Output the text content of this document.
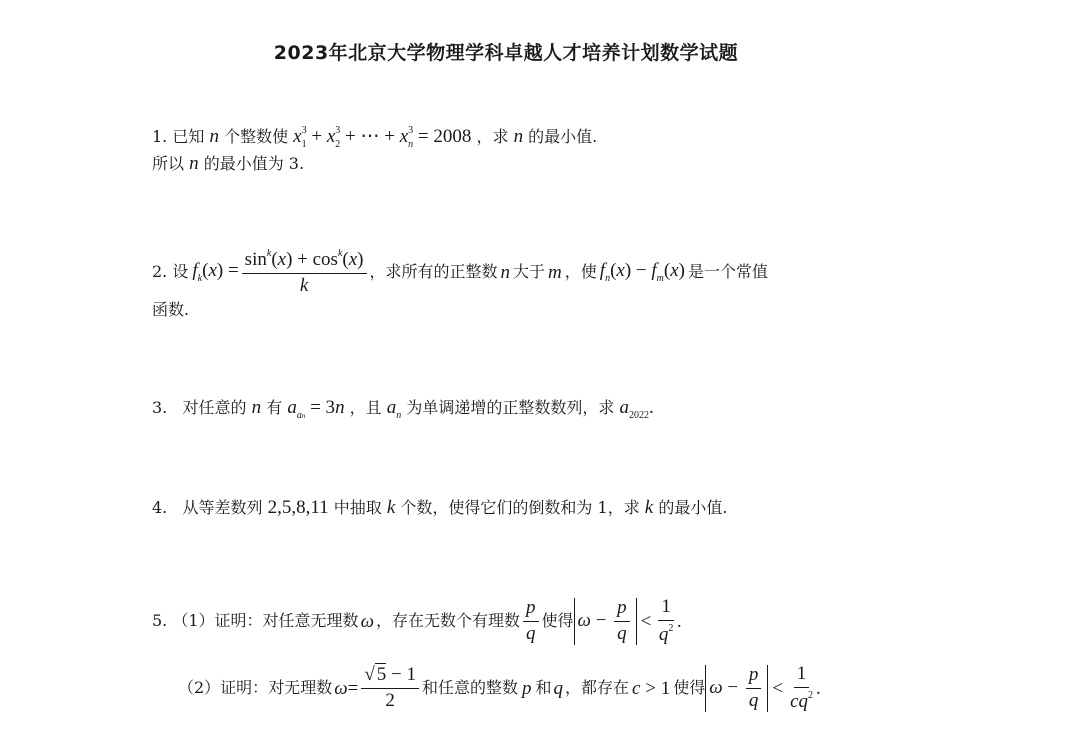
2023年北京大学物理学科卓越人才培养计划数学试题
1. 已知 n 个整数使 $x_1^3 + x_2^3$ + ⋯ + $x_n^3 = 2008$ ，求 n 的最小值.
所以 n 的最小值为 3.
2.
设 $f_k(x) = \frac{\sin^k(x) + \cos^k(x)}{k}$ ，求所有的正整数 n 大于 m ，使 $f_n(x) - f_m(x)$ 是一个常值
函数.
3. 对任意的 n 有 $a_{an} = 3n$ ，且 $a_n$ 为单调递增的正整数数列，求 $a_{2022}$.
4. 从等差数列 2,5,8,11 中抽取 k 个数，使得它们的倒数和为 1，求 k 的最小值.
5.
（1）证明： 对任意无理数 ω ，存在无数个有理数 $\frac{p}{q}$ 使得 $\omega - \frac{p}{q} < \frac{1}{q^2}$ .
（2）证明： 对无理数 $\omega= \frac{√ 5 - 1}{2}$ 和任意的整数 p 和 q ，都存在 c > 1 使得 $\omega - \frac{p}{q} < \frac{1}{cq^2}$ .
